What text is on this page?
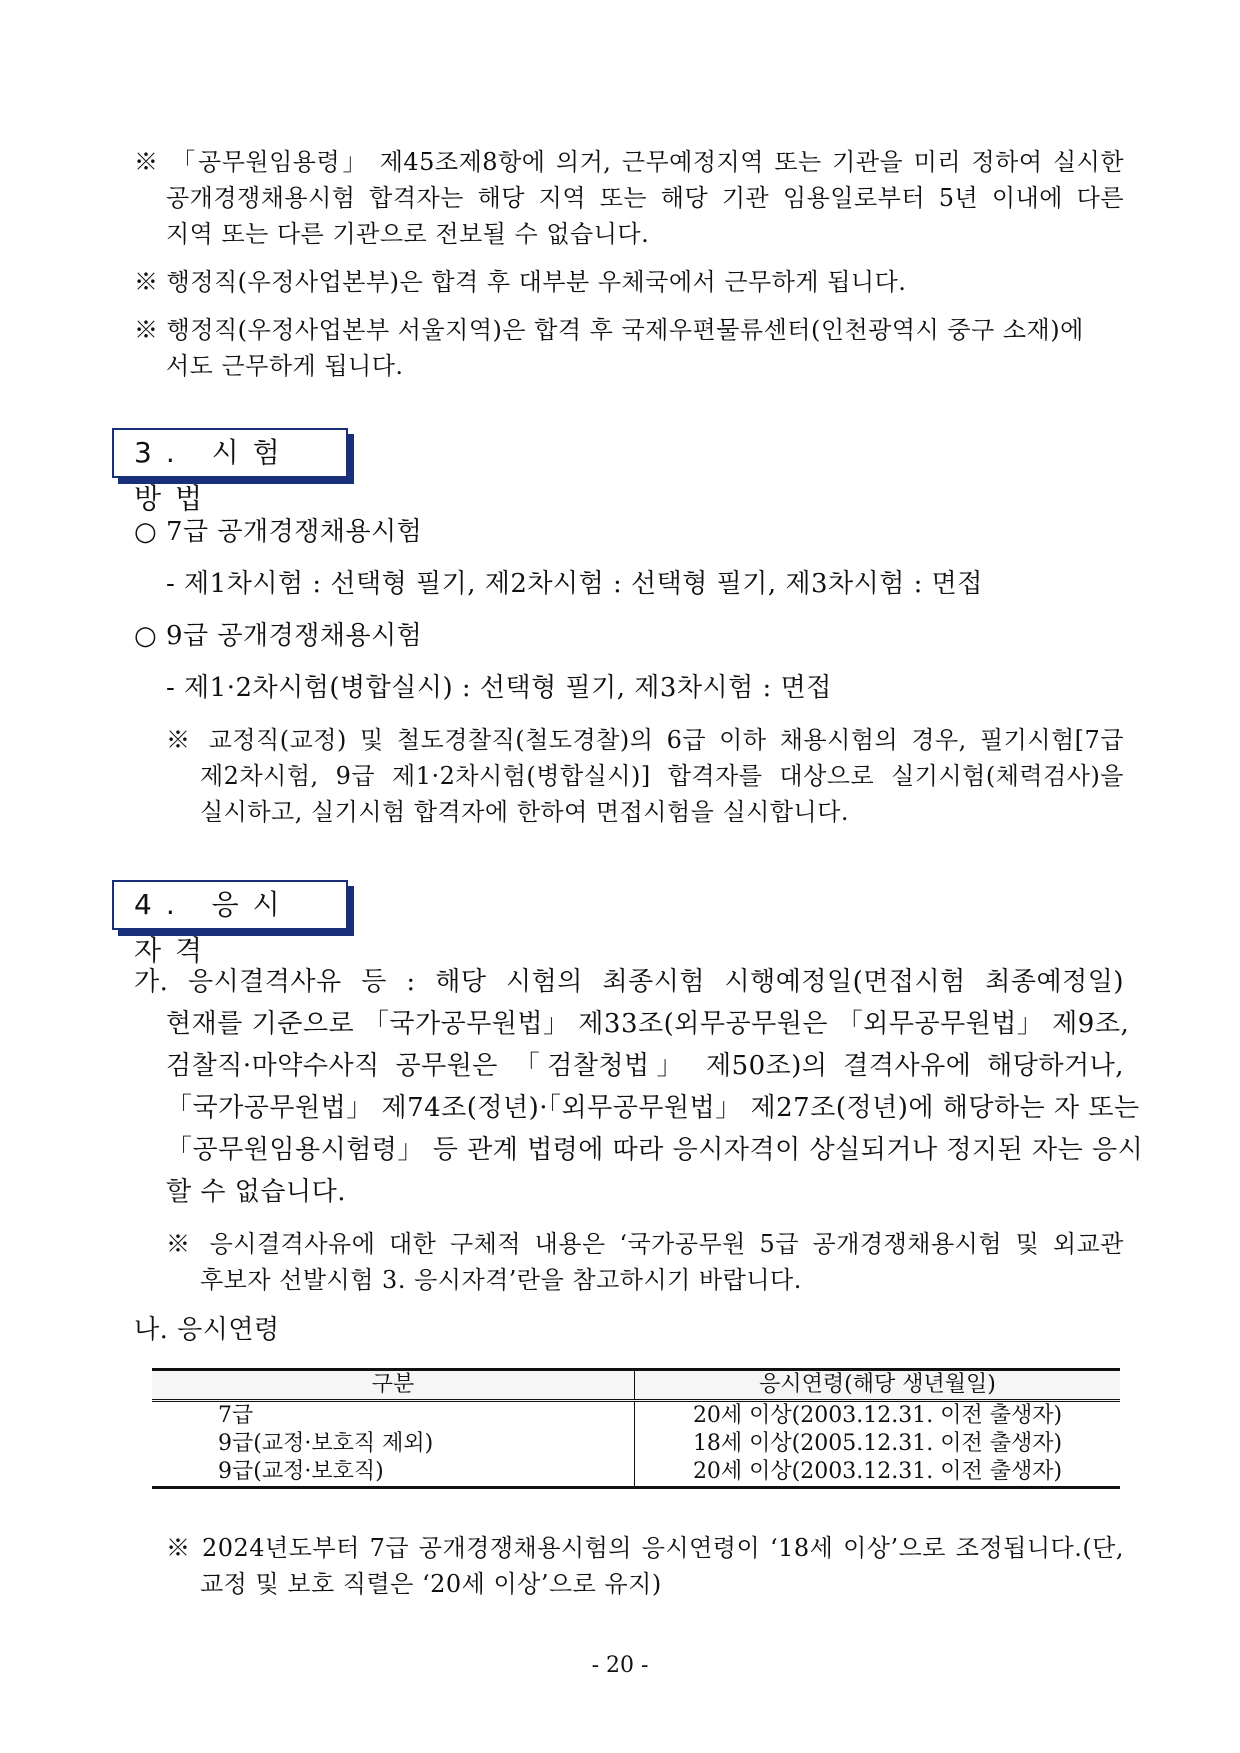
※ 「공무원임용령」 제45조제8항에 의거, 근무예정지역 또는 기관을 미리 정하여 실시한
공개경쟁채용시험 합격자는 해당 지역 또는 해당 기관 임용일로부터 5년 이내에 다른
지역 또는 다른 기관으로 전보될 수 없습니다.
※ 행정직(우정사업본부)은 합격 후 대부분 우체국에서 근무하게 됩니다.
※ 행정직(우정사업본부 서울지역)은 합격 후 국제우편물류센터(인천광역시 중구 소재)에
서도 근무하게 됩니다.
3. 시험방법
○ 7급 공개경쟁채용시험
- 제1차시험 : 선택형 필기, 제2차시험 : 선택형 필기, 제3차시험 : 면접
○ 9급 공개경쟁채용시험
- 제1·2차시험(병합실시) : 선택형 필기, 제3차시험 : 면접
※ 교정직(교정) 및 철도경찰직(철도경찰)의 6급 이하 채용시험의 경우, 필기시험[7급
제2차시험, 9급 제1·2차시험(병합실시)] 합격자를 대상으로 실기시험(체력검사)을
실시하고, 실기시험 합격자에 한하여 면접시험을 실시합니다.
4. 응시자격
가. 응시결격사유 등 : 해당 시험의 최종시험 시행예정일(면접시험 최종예정일)
현재를 기준으로 「국가공무원법」 제33조(외무공무원은 「외무공무원법」 제9조,
검찰직·마약수사직 공무원은 「검찰청법」 제50조)의 결격사유에 해당하거나,
「국가공무원법」 제74조(정년)·「외무공무원법」 제27조(정년)에 해당하는 자 또는
「공무원임용시험령」 등 관계 법령에 따라 응시자격이 상실되거나 정지된 자는 응시
할 수 없습니다.
※ 응시결격사유에 대한 구체적 내용은 ‘국가공무원 5급 공개경쟁채용시험 및 외교관
후보자 선발시험 3. 응시자격’란을 참고하시기 바랍니다.
나. 응시연령
구분	응시연령(해당 생년월일)
7급	20세 이상(2003.12.31. 이전 출생자)
9급(교정·보호직 제외)	18세 이상(2005.12.31. 이전 출생자)
9급(교정·보호직)	20세 이상(2003.12.31. 이전 출생자)
※ 2024년도부터 7급 공개경쟁채용시험의 응시연령이 ‘18세 이상’으로 조정됩니다.(단,
교정 및 보호 직렬은 ‘20세 이상’으로 유지)
- 20 -
